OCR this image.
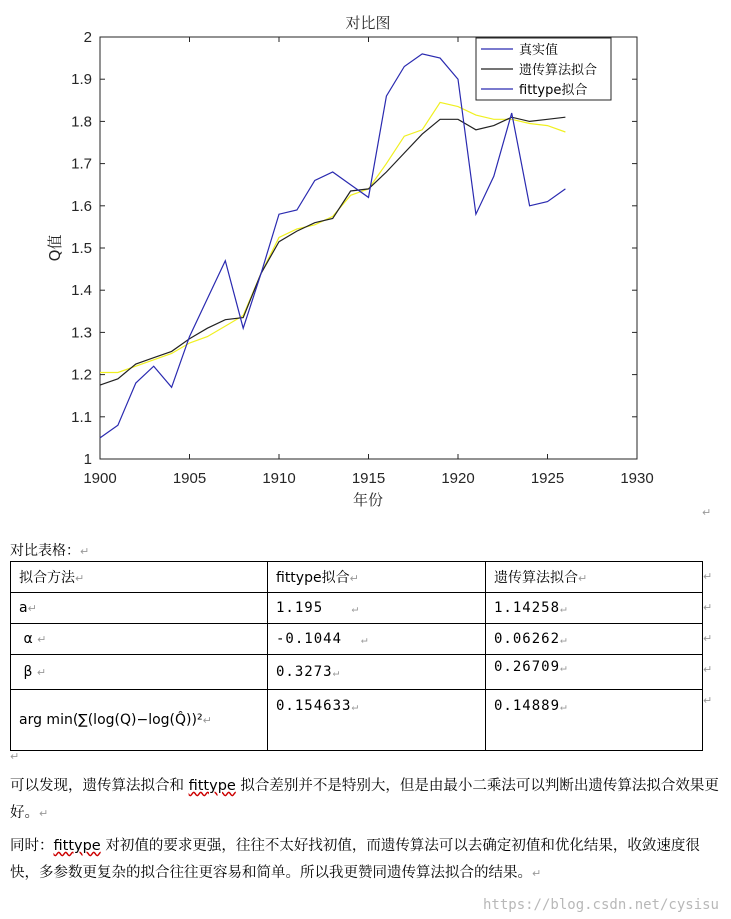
1900	1905	1910	1915	1920	1925	1930
1
1.1
1.2
1.3
1.4
1.5
1.6
1.7
1.8
1.9
2
对比图
年份
Q值
真实值
遗传算法拟合
fittype拟合
↵
对比表格：↵
拟合方法↵	fittype拟合↵	遗传算法拟合↵
a↵	1.195 ↵	1.14258↵
α ↵	-0.1044 ↵	0.06262↵
β ↵	0.3273↵	0.26709↵
arg min(∑(log(Q)−log(Q̂))²↵	0.154633↵	0.14889↵
↵
↵
↵
↵
↵
↵
可以发现，遗传算法拟合和 fittype 拟合差别并不是特别大，但是由最小二乘法可以判断出遗传算法拟合效果更好。↵
同时：fittype 对初值的要求更强，往往不太好找初值，而遗传算法可以去确定初值和优化结果，收敛速度很快，多参数更复杂的拟合往往更容易和简单。所以我更赞同遗传算法拟合的结果。↵
https://blog.csdn.net/cysisu
